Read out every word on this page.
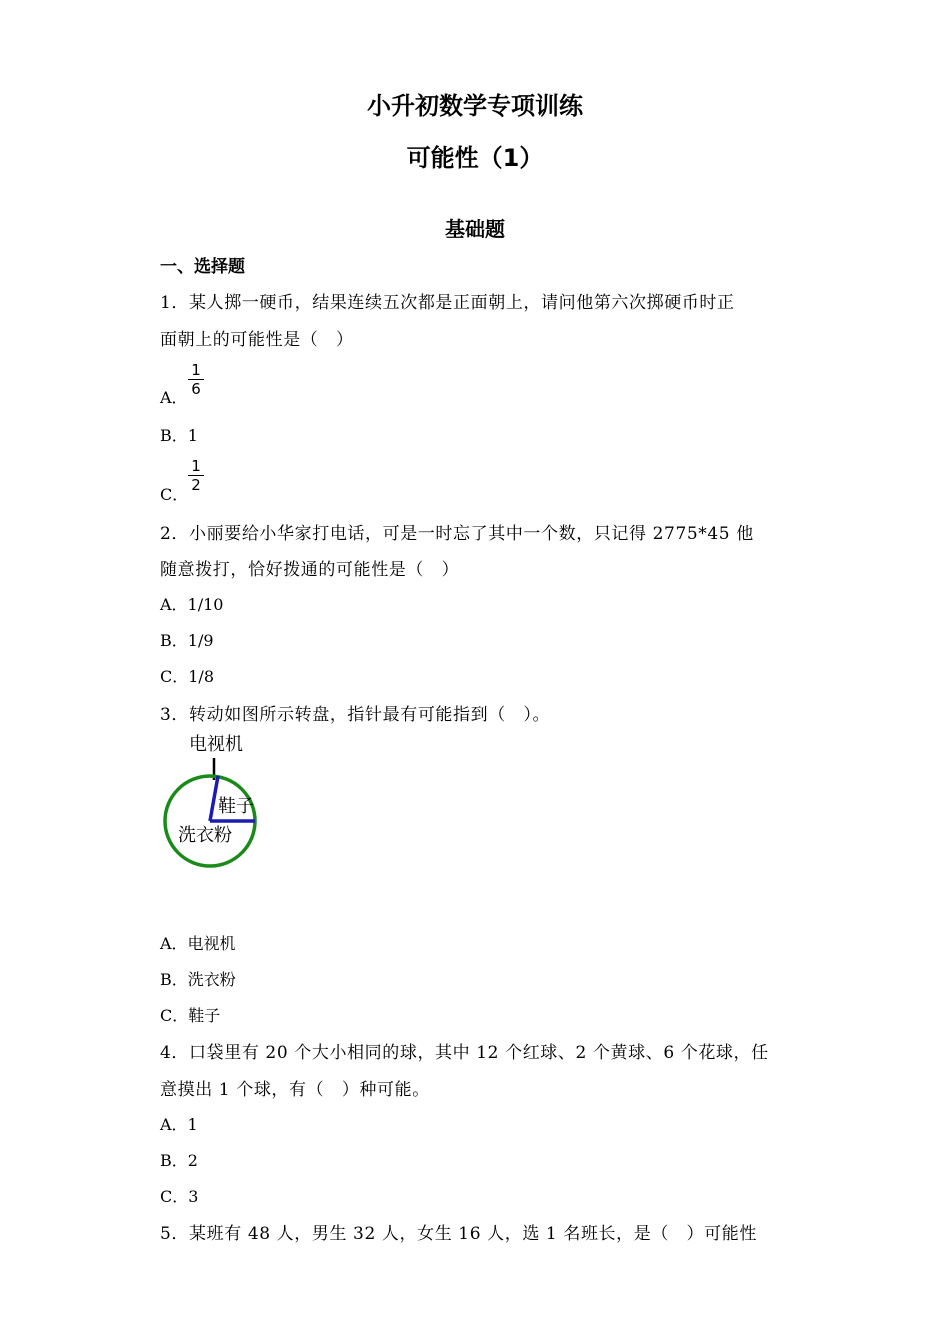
小升初数学专项训练
可能性（1）
基础题
一、选择题
1．某人掷一硬币，结果连续五次都是正面朝上，请问他第六次掷硬币时正
面朝上的可能性是（　）
A．
1
6
B．1
C．
1
2
2．小丽要给小华家打电话，可是一时忘了其中一个数，只记得 2775*45 他
随意拨打，恰好拨通的可能性是（　）
A．1/10
B．1/9
C．1/8
3．转动如图所示转盘，指针最有可能指到（　）。
电视机
鞋子
洗衣粉
A．电视机
B．洗衣粉
C．鞋子
4．口袋里有 20 个大小相同的球，其中 12 个红球、2 个黄球、6 个花球，任
意摸出 1 个球，有（　）种可能。
A．1
B．2
C．3
5．某班有 48 人，男生 32 人，女生 16 人，选 1 名班长，是（　）可能性
